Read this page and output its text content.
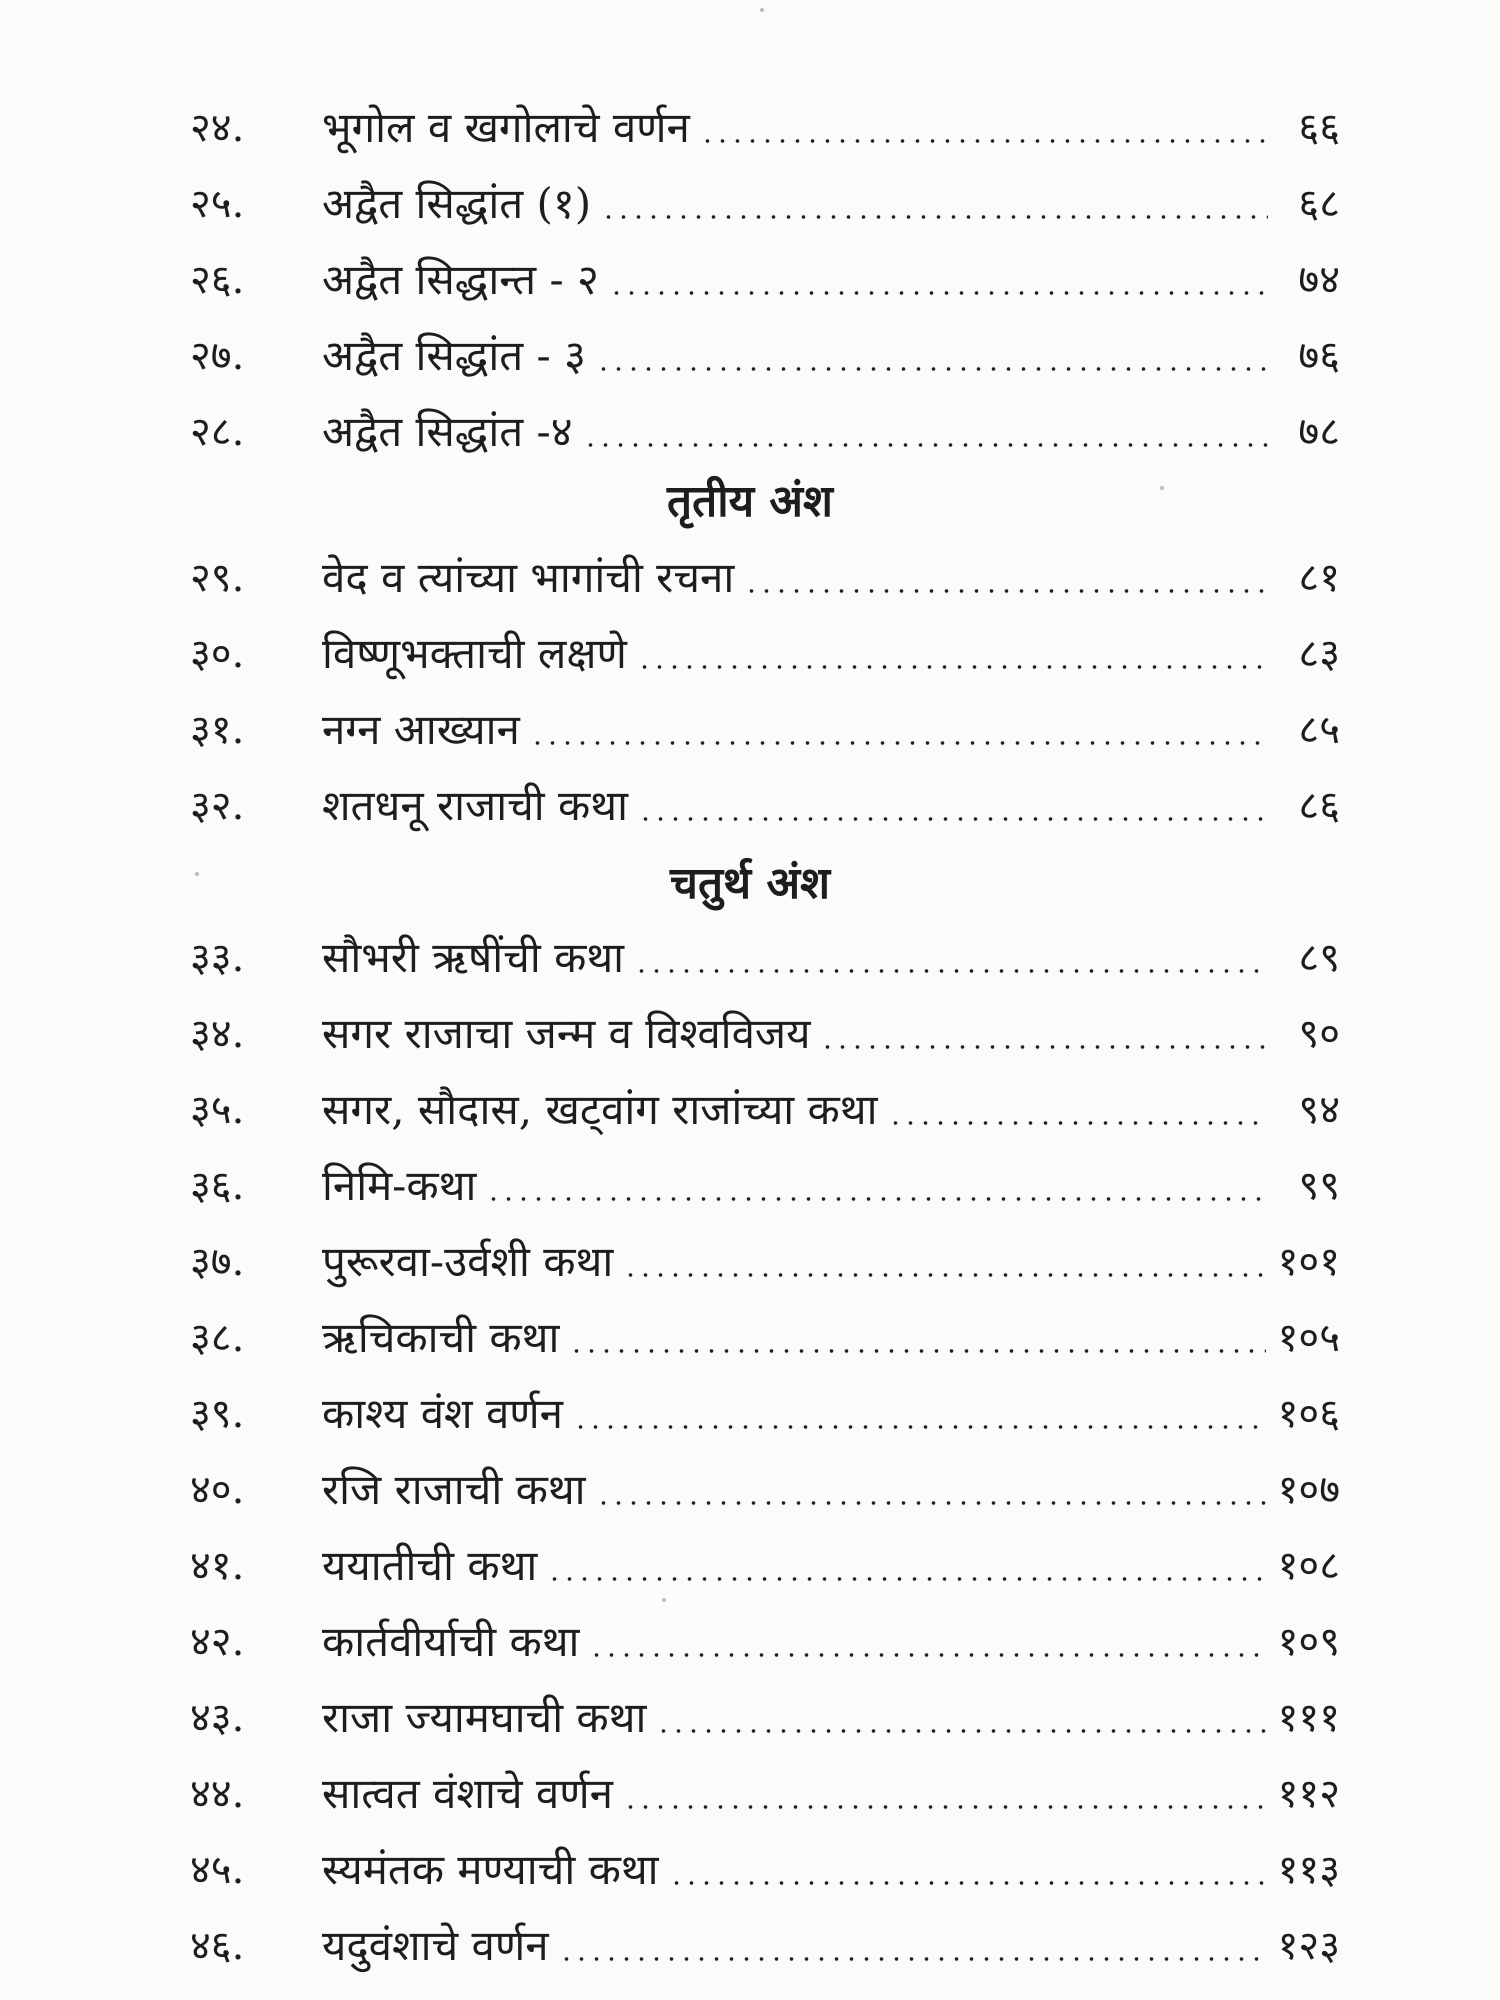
२४.	भूगोल व खगोलाचे वर्णन	६६
२५.	अद्वैत सिद्धांत (१)	६८
२६.	अद्वैत सिद्धान्त - २	७४
२७.	अद्वैत सिद्धांत - ३	७६
२८.	अद्वैत सिद्धांत -४	७८
तृतीय अंश
२९.	वेद व त्यांच्या भागांची रचना	८१
३०.	विष्णूभक्ताची लक्षणे	८३
३१.	नग्न आख्यान	८५
३२.	शतधनू राजाची कथा	८६
चतुर्थ अंश
३३.	सौभरी ऋषींची कथा	८९
३४.	सगर राजाचा जन्म व विश्वविजय	९०
३५.	सगर, सौदास, खट्वांग राजांच्या कथा	९४
३६.	निमि-कथा	९९
३७.	पुरूरवा-उर्वशी कथा	१०१
३८.	ऋचिकाची कथा	१०५
३९.	काश्य वंश वर्णन	१०६
४०.	रजि राजाची कथा	१०७
४१.	ययातीची कथा	१०८
४२.	कार्तवीर्याची कथा	१०९
४३.	राजा ज्यामघाची कथा	१११
४४.	सात्वत वंशाचे वर्णन	११२
४५.	स्यमंतक मण्याची कथा	११३
४६.	यदुवंशाचे वर्णन	१२३
